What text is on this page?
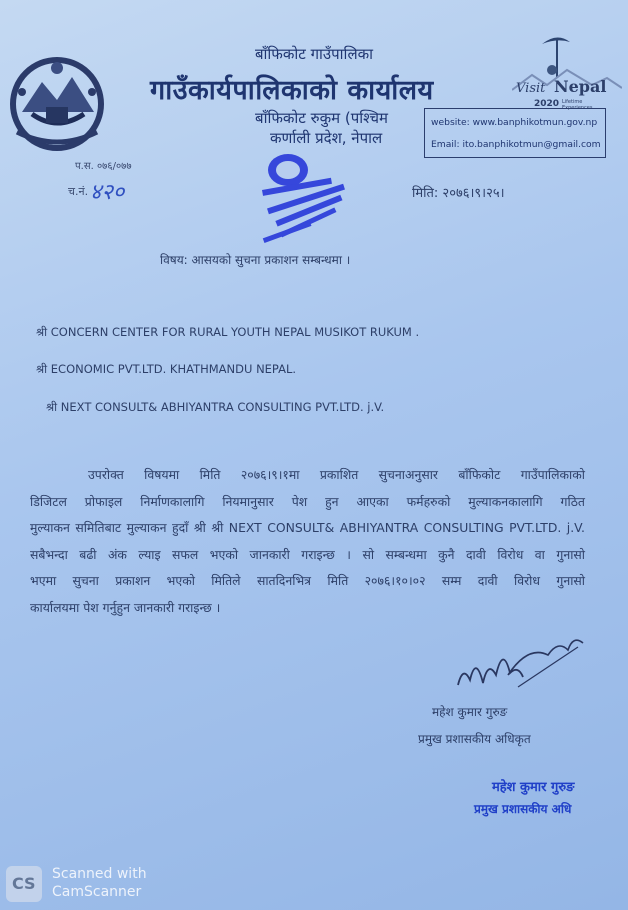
बाँफिकोट गाउँपालिका
गाउँकार्यपालिकाको कार्यालय	Visit Nepal
2020 Lifetime
Experiences
बाँफिकोट रुकुम (पश्चिम
कर्णाली प्रदेश, नेपाल
website: www.banphikotmun.gov.np
Email: ito.banphikotmun@gmail.com
प.स. ०७६/०७७
च.नं. ४२०	मिति: २०७६।९।२५।
विषय: आसयको सुचना प्रकाशन सम्बन्धमा ।
श्री CONCERN CENTER FOR RURAL YOUTH NEPAL MUSIKOT RUKUM .
श्री ECONOMIC PVT.LTD. KHATHMANDU NEPAL.
श्री NEXT CONSULT& ABHIYANTRA CONSULTING PVT.LTD. j.V.

उपरोक्त विषयमा मिति २०७६।९।१मा प्रकाशित सुचनाअनुसार बाँफिकोट गाउँपालिकाको

डिजिटल प्रोफाइल निर्माणकालागि नियमानुसार पेश हुन आएका फर्महरुको मुल्याकनकालागि गठित

मुल्याकन समितिबाट मुल्याकन हुदाँ श्री श्री NEXT CONSULT& ABHIYANTRA CONSULTING PVT.LTD. j.V.

सबैभन्दा बढी अंक ल्याइ सफल भएको जानकारी गराइन्छ । सो सम्बन्धमा कुनै दावी विरोध वा गुनासो

भएमा सुचना प्रकाशन भएको मितिले सातदिनभित्र मिति २०७६।१०।०२ सम्म दावी विरोध गुनासो

कार्यालयमा पेश गर्नुहुन जानकारी गराइन्छ ।

महेश कुमार गुरुङ
प्रमुख प्रशासकीय अधिकृत
महेश कुमार गुरुङ
प्रमुख प्रशासकीय अधि
CS Scanned with
CamScanner
